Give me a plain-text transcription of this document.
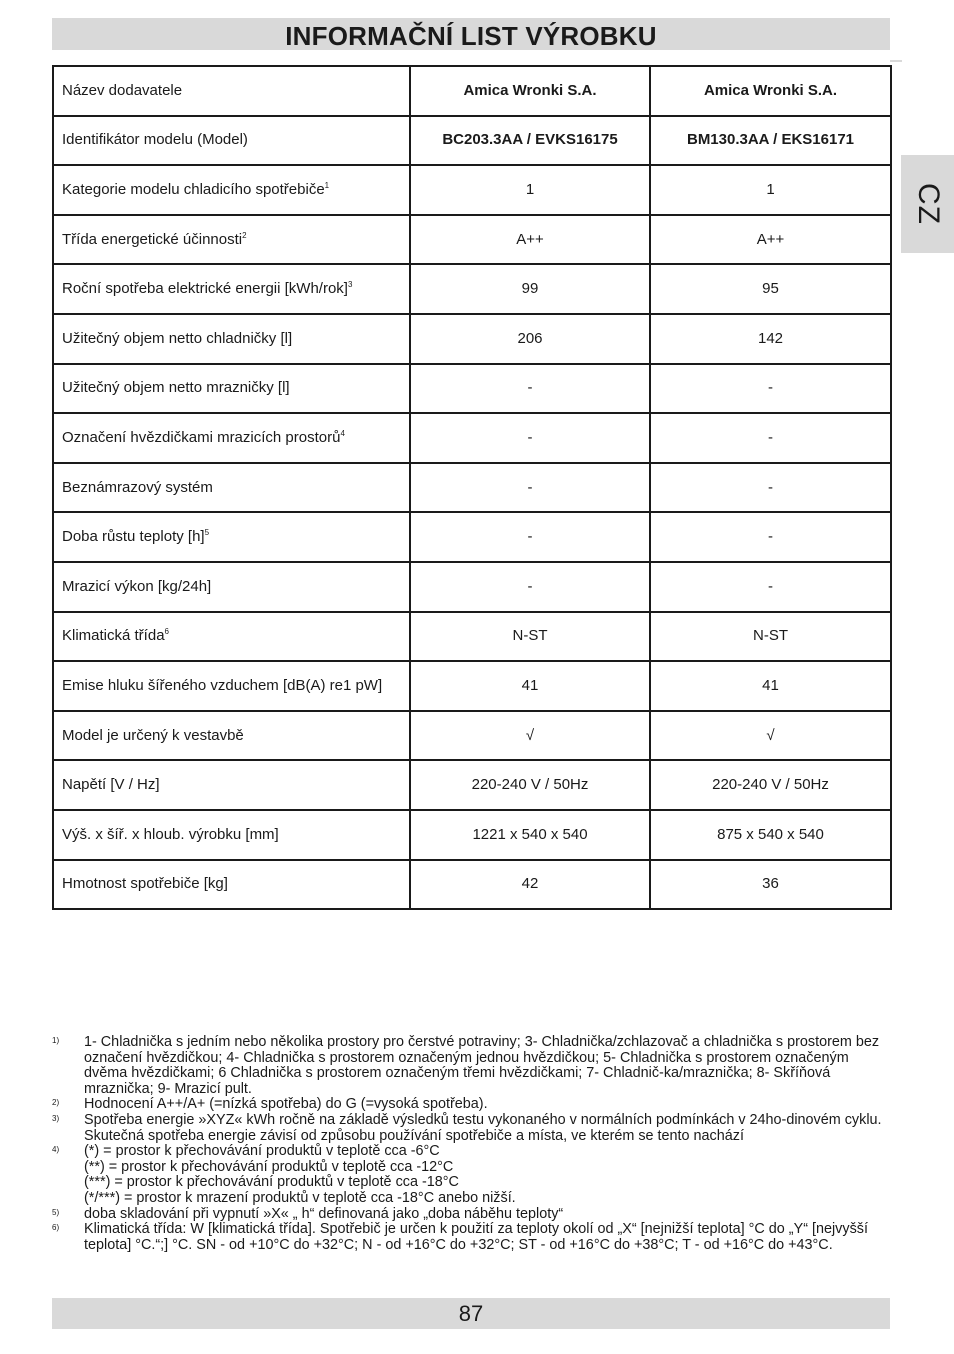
INFORMAČNÍ LIST VÝROBKU
CZ
Název dodavatele	Amica Wronki S.A.	Amica Wronki S.A.
Identifikátor modelu (Model)	BC203.3AA / EVKS16175	BM130.3AA / EKS16171
Kategorie modelu chladicího spotřebiče$^1$	1	1
Třída energetické účinnosti$^2$	A++	A++
Roční spotřeba elektrické energii $[kWh/rok]^3$	99	95
Užitečný objem netto chladničky [l]	206	142
Užitečný objem netto mrazničky [l]	-	-
Označení hvězdičkami mrazicích prostorů$^4$	-	-
Beznámrazový systém	-	-
Doba růstu teploty $[h]^5$	-	-
Mrazicí výkon [kg/24h]	-	-
Klimatická třída$^6$	N-ST	N-ST
Emise hluku šířeného vzduchem [dB(A) re1 pW]	41	41
Model je určený k vestavbě	√	√
Napětí [V / Hz]	220-240 V / 50Hz	220-240 V / 50Hz
Výš. x šíř. x hloub. výrobku [mm]	1221 x 540 x 540	875 x 540 x 540
Hmotnost spotřebiče [kg]	42	36
1)	1- Chladnička s jedním nebo několika prostory pro čerstvé potraviny; 3- Chladnička/zchlazovač a chladnička s prostorem bez označení hvězdičkou; 4- Chladnička s prostorem označeným jednou hvězdičkou; 5- Chladnička s prostorem označeným dvěma hvězdičkami; 6 Chladnička s prostorem označeným třemi hvězdičkami; 7- Chladnič-ka/mraznička; 8- Skříňová mraznička; 9- Mrazicí pult.
2)	Hodnocení A++/A+ (=nízká spotřeba) do G (=vysoká spotřeba).
3)	Spotřeba energie »XYZ« kWh ročně na základě výsledků testu vykonaného v normálních podmínkách v 24ho-dinovém cyklu. Skutečná spotřeba energie závisí od způsobu používání spotřebiče a místa, ve kterém se tento nachází
4)	(*) = prostor k přechovávání produktů v teplotě cca -6°C
(**) = prostor k přechovávání produktů v teplotě cca -12°C
(***) = prostor k přechovávání produktů v teplotě cca -18°C
(*/***) = prostor k mrazení produktů v teplotě cca -18°C anebo nižší.
5)	doba skladování při vypnutí »X« „ h“ definovaná jako „doba náběhu teploty“
6)	Klimatická třída: W [klimatická třída]. Spotřebič je určen k použití za teploty okolí od „X“ [nejnižší teplota] °C do „Y“ [nejvyšší teplota] °C.“;] °C. SN - od +10°C do +32°C; N - od +16°C do +32°C; ST - od +16°C do +38°C; T - od +16°C do +43°C.
87
